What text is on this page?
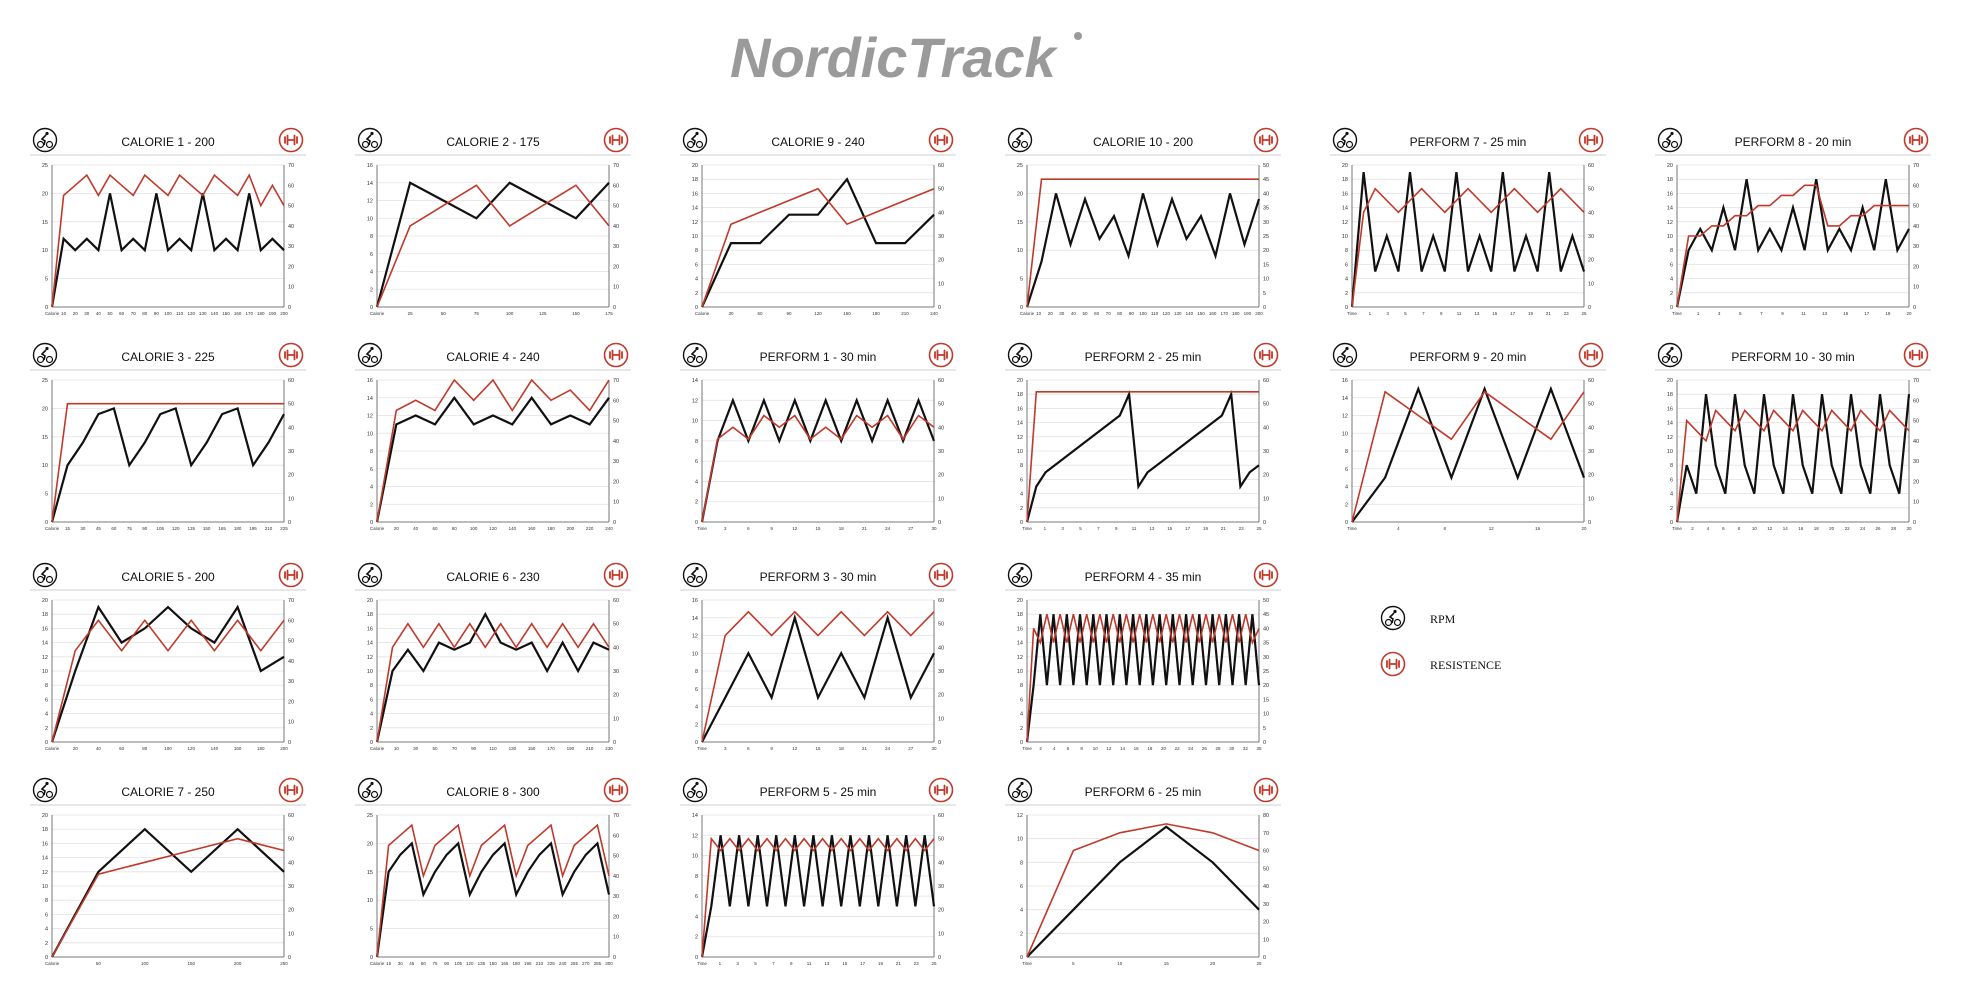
NordicTrack
CALORIE 1 - 200
0
5
10
15
20
25
0
10
20
30
40
50
60
70
Calorie 10 20 30 40 50 60 70 80 90 100 110 120 130 140 150 160 170 180 190 200
CALORIE 2 - 175
0
2
4
6
8
10
12
14
16
0
10
20
30
40
50
60
70
Calorie	25	50	75	100	125	150	175
CALORIE 9 - 240
0
2
4
6
8
10
12
14
16
18
20
0
10
20
30
40
50
60
Calorie	30	60	90	120	150	180	210	240
CALORIE 10 - 200
0
5
10
15
20
25
0
5
10
15
20
25
30
35
40
45
50
Calorie 10 20 30 40 50 60 70 80 90 100 110 120 130 140 150 160 170 180 190 200
PERFORM 7 - 25 min
0
2
4
6
8
10
12
14
16
18
20
0
10
20
30
40
50
60
Time	1	3	5	7	9	11	13	15	17	19	21	23	25
PERFORM 8 - 20 min
0
2
4
6
8
10
12
14
16
18
20
0
10
20
30
40
50
60
70
Time	1	3	5	7	9	11	13	15	17	19	20
CALORIE 3 - 225
0
5
10
15
20
25
0
10
20
30
40
50
60
Calorie 15 30 45 60 75 90 105 120 135 150 165 180 195 210 225
CALORIE 4 - 240
0
2
4
6
8
10
12
14
16
0
10
20
30
40
50
60
70
Calorie 20	40	60	80	100	120	140	160	180	200	220	240
PERFORM 1 - 30 min
0
2
4
6
8
10
12
14
0
10
20
30
40
50
60
Time	3	6	9	12	15	18	21	24	27	30
PERFORM 2 - 25 min
0
2
4
6
8
10
12
14
16
18
20
0
10
20
30
40
50
60
Time	1	3	5	7	9	11	13	15	17	19	21	23	25
PERFORM 9 - 20 min
0
2
4
6
8
10
12
14
16
0
10
20
30
40
50
60
Time	4	8	12	16	20
PERFORM 10 - 30 min
0
2
4
6
8
10
12
14
16
18
20
0
10
20
30
40
50
60
70
Time 2	4	6	8	10 12 14 16 18 20 22 24 26 28 30
CALORIE 5 - 200
0
2
4
6
8
10
12
14
16
18
20
0
10
20
30
40
50
60
70
Calorie	20	40	60	80	100	120	140	160	180	200
CALORIE 6 - 230
0
2
4
6
8
10
12
14
16
18
20
0
10
20
30
40
50
60
Calorie 10	30	50	70	90	110	130	150	170	190	210	230
PERFORM 3 - 30 min
0
2
4
6
8
10
12
14
16
0
10
20
30
40
50
60
Time	3	6	9	12	15	18	21	24	27	30
PERFORM 4 - 35 min
0
2
4
6
8
10
12
14
16
18
20
0
5
10
15
20
25
30
35
40
45
50
Time 2 4 6 8 10 12 14 16 18 20 22 24 26 28 30 32 35
CALORIE 7 - 250
0
2
4
6
8
10
12
14
16
18
20
0
10
20
30
40
50
60
Calorie	50	100	150	200	250
CALORIE 8 - 300
0
5
10
15
20
25
0
10
20
30
40
50
60
70
Calorie 15 30 45 60 75 90 105 120 135 150 165 180 195 210 225 240 255 270 285 300
PERFORM 5 - 25 min
0
2
4
6
8
10
12
14
0
10
20
30
40
50
60
Time	1	3	5	7	9	11	13	15	17	19	21	23	25
PERFORM 6 - 25 min
0
2
4
6
8
10
12
0
10
20
30
40
50
60
70
80
Time	5	10	15	20	25
RPM
RESISTENCE
